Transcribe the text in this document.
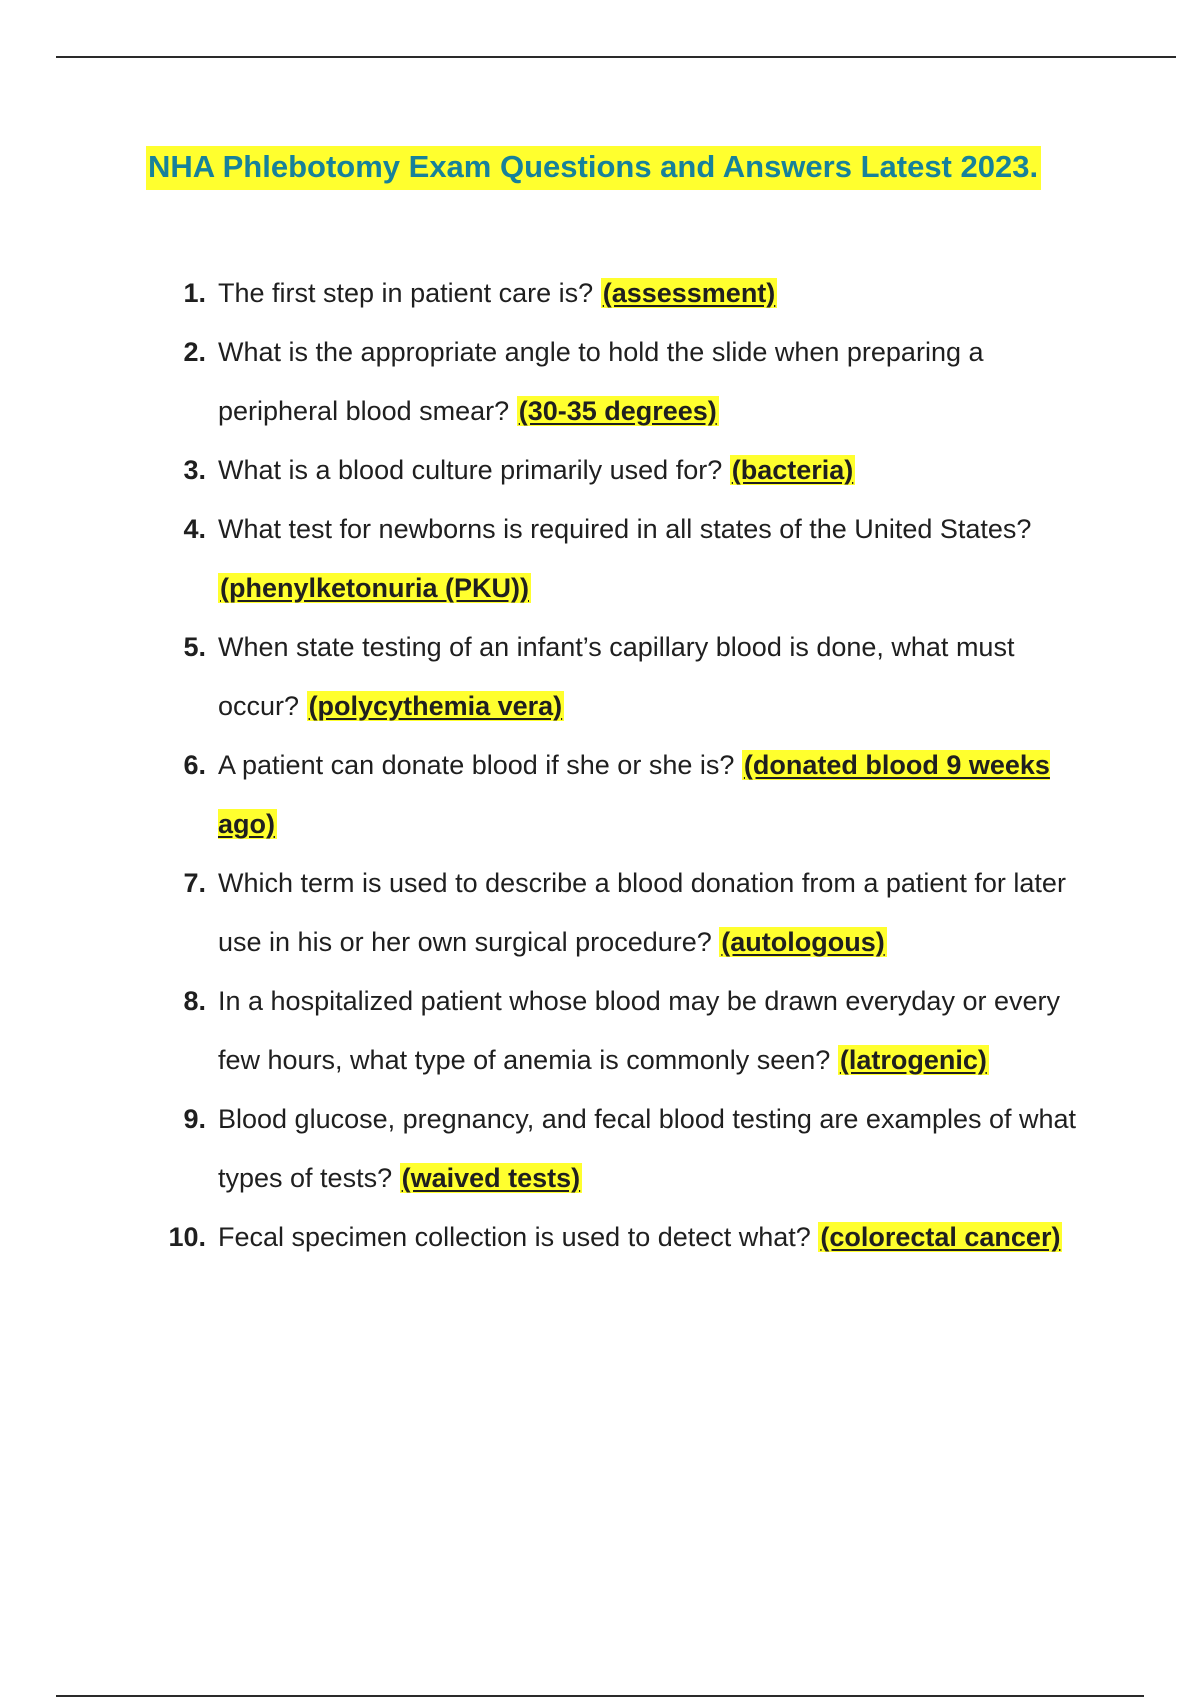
NHA Phlebotomy Exam Questions and Answers Latest 2023.
1. The first step in patient care is? (assessment)
2. What is the appropriate angle to hold the slide when preparing a peripheral blood smear? (30-35 degrees)
3. What is a blood culture primarily used for? (bacteria)
4. What test for newborns is required in all states of the United States? (phenylketonuria (PKU))
5. When state testing of an infant’s capillary blood is done, what must occur? (polycythemia vera)
6. A patient can donate blood if she or she is? (donated blood 9 weeks ago)
7. Which term is used to describe a blood donation from a patient for later use in his or her own surgical procedure? (autologous)
8. In a hospitalized patient whose blood may be drawn everyday or every few hours, what type of anemia is commonly seen? (latrogenic)
9. Blood glucose, pregnancy, and fecal blood testing are examples of what types of tests? (waived tests)
10. Fecal specimen collection is used to detect what? (colorectal cancer)
